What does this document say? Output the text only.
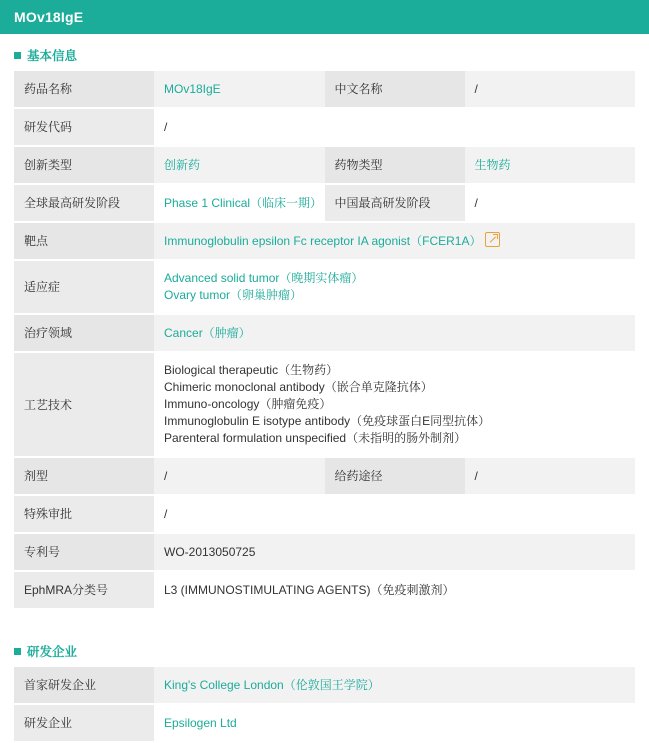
MOv18IgE
基本信息
药品名称	MOv18IgE	中文名称	/
研发代码	/		
创新类型	创新药	药物类型	生物药
全球最高研发阶段	Phase 1 Clinical（临床一期）	中国最高研发阶段	/
靶点	Immunoglobulin epsilon Fc receptor IA agonist（FCER1A）		
适应症	Advanced solid tumor（晚期实体瘤）
Ovary tumor（卵巢肿瘤）		

治疗领域	Cancer（肿瘤）		
工艺技术	Biological therapeutic（生物药）
Chimeric monoclonal antibody（嵌合单克隆抗体）
Immuno-oncology（肿瘤免疫）
Immunoglobulin E isotype antibody（免疫球蛋白E同型抗体）
Parenteral formulation unspecified（未指明的肠外制剂）		

剂型	/	给药途径	/
特殊审批	/		
专利号	WO-2013050725		
EphMRA分类号	L3 (IMMUNOSTIMULATING AGENTS)（免疫刺激剂）		
研发企业
首家研发企业	King's College London（伦敦国王学院）
研发企业	Epsilogen Ltd
